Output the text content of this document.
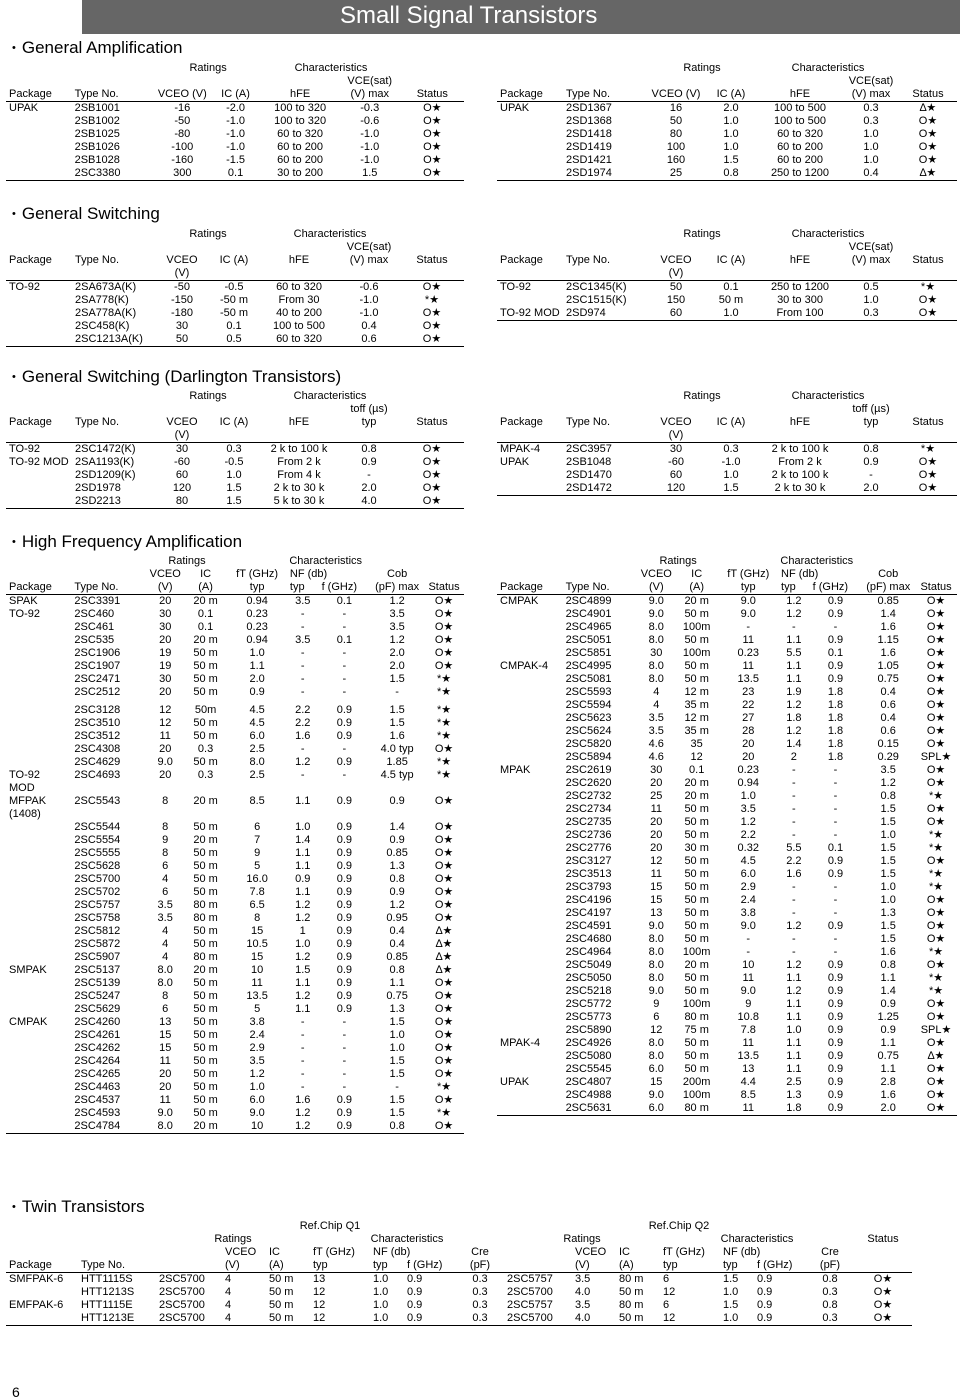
Small Signal Transistors
• General Amplification
• General Switching
• General Switching (Darlington Transistors)
• High Frequency Amplification
• Twin Transistors
		Ratings		Characteristics		
					VCE(sat)	
Package	Type No.	VCEO (V)	IC (A)	hFE	(V) max	Status
UPAK	2SB1001	-16	-2.0	100 to 320	-0.3	O★
	2SB1002	-50	-1.0	100 to 320	-0.6	O★
	2SB1025	-80	-1.0	60 to 320	-1.0	O★
	2SB1026	-100	-1.0	60 to 200	-1.0	O★
	2SB1028	-160	-1.5	60 to 200	-1.0	O★
	2SC3380	300	0.1	30 to 200	1.5	O★
		Ratings		Characteristics		
					VCE(sat)	
Package	Type No.	VCEO (V)	IC (A)	hFE	(V) max	Status
UPAK	2SD1367	16	2.0	100 to 500	0.3	∆★
	2SD1368	50	1.0	100 to 500	0.3	O★
	2SD1418	80	1.0	60 to 320	1.0	O★
	2SD1419	100	1.0	60 to 200	1.0	O★
	2SD1421	160	1.5	60 to 200	1.0	O★
	2SD1974	25	0.8	250 to 1200	0.4	∆★
		Ratings		Characteristics		
					VCE(sat)	
Package	Type No.	VCEO	IC (A)	hFE	(V) max	Status
		(V)				
TO-92	2SA673A(K)	-50	-0.5	60 to 320	-0.6	O★
	2SA778(K)	-150	-50 m	From 30	-1.0	*★
	2SA778A(K)	-180	-50 m	40 to 200	-1.0	O★
	2SC458(K)	30	0.1	100 to 500	0.4	O★
	2SC1213A(K)	50	0.5	60 to 320	0.6	O★
		Ratings		Characteristics		
					VCE(sat)	
Package	Type No.	VCEO	IC (A)	hFE	(V) max	Status
		(V)				
TO-92	2SC1345(K)	50	0.1	250 to 1200	0.5	*★
	2SC1515(K)	150	50 m	30 to 300	1.0	O★
TO-92 MOD	2SD974	60	1.0	From 100	0.3	O★
		Ratings		Characteristics		
					toff (µs)	
Package	Type No.	VCEO	IC (A)	hFE	typ	Status
		(V)				
TO-92	2SC1472(K)	30	0.3	2 k to 100 k	0.8	O★
TO-92 MOD	2SA1193(K)	-60	-0.5	From 2 k	0.9	O★
	2SD1209(K)	60	1.0	From 4 k	-	O★
	2SD1978	120	1.5	2 k to 30 k	2.0	O★
	2SD2213	80	1.5	5 k to 30 k	4.0	O★
		Ratings		Characteristics		
					toff (µs)	
Package	Type No.	VCEO	IC (A)	hFE	typ	Status
		(V)				
MPAK-4	2SC3957	30	0.3	2 k to 100 k	0.8	*★
UPAK	2SB1048	-60	-1.0	From 2 k	0.9	O★
	2SD1470	60	1.0	2 k to 100 k	-	O★
	2SD1472	120	1.5	2 k to 30 k	2.0	O★
		Ratings		Characteristics				
		VCEO	IC	fT (GHz)	NF (db)		Cob	
Package	Type No.	(V)	(A)	typ	typ	f (GHz)	(pF) max	Status
SPAK	2SC3391	20	20 m	0.94	3.5	0.1	1.2	O★
TO-92	2SC460	30	0.1	0.23	-	-	3.5	O★
	2SC461	30	0.1	0.23	-	-	3.5	O★
	2SC535	20	20 m	0.94	3.5	0.1	1.2	O★
	2SC1906	19	50 m	1.0	-	-	2.0	O★
	2SC1907	19	50 m	1.1	-	-	2.0	O★
	2SC2471	30	50 m	2.0	-	-	1.5	*★
	2SC2512	20	50 m	0.9	-	-	-	*★
	2SC3128	12	50m	4.5	2.2	0.9	1.5	*★
	2SC3510	12	50 m	4.5	2.2	0.9	1.5	*★
	2SC3512	11	50 m	6.0	1.6	0.9	1.6	*★
	2SC4308	20	0.3	2.5	-	-	4.0 typ	O★
	2SC4629	9.0	50 m	8.0	1.2	0.9	1.85	*★
TO-92 MOD	2SC4693	20	0.3	2.5	-	-	4.5 typ	*★
MFPAK (1408)	2SC5543	8	20 m	8.5	1.1	0.9	0.9	O★
	2SC5544	8	50 m	6	1.0	0.9	1.4	O★
	2SC5554	9	20 m	7	1.4	0.9	0.9	O★
	2SC5555	8	50 m	9	1.1	0.9	0.85	O★
	2SC5628	6	50 m	5	1.1	0.9	1.3	O★
	2SC5700	4	50 m	16.0	0.9	0.9	0.8	O★
	2SC5702	6	50 m	7.8	1.1	0.9	0.9	O★
	2SC5757	3.5	80 m	6.5	1.2	0.9	1.2	O★
	2SC5758	3.5	80 m	8	1.2	0.9	0.95	O★
	2SC5812	4	50 m	15	1	0.9	0.4	∆★
	2SC5872	4	50 m	10.5	1.0	0.9	0.4	∆★
	2SC5907	4	80 m	15	1.2	0.9	0.85	∆★
SMPAK	2SC5137	8.0	20 m	10	1.5	0.9	0.8	∆★
	2SC5139	8.0	50 m	11	1.1	0.9	1.1	O★
	2SC5247	8	50 m	13.5	1.2	0.9	0.75	O★
	2SC5629	6	50 m	5	1.1	0.9	1.3	O★
CMPAK	2SC4260	13	50 m	3.8	-	-	1.5	O★
	2SC4261	15	50 m	2.4	-	-	1.0	O★
	2SC4262	15	50 m	2.9	-	-	1.0	O★
	2SC4264	11	50 m	3.5	-	-	1.5	O★
	2SC4265	20	50 m	1.2	-	-	1.5	O★
	2SC4463	20	50 m	1.0	-	-	-	*★
	2SC4537	11	50 m	6.0	1.6	0.9	1.5	O★
	2SC4593	9.0	50 m	9.0	1.2	0.9	1.5	*★
	2SC4784	8.0	20 m	10	1.2	0.9	0.8	O★
		Ratings		Characteristics				
		VCEO	IC	fT (GHz)	NF (db)		Cob	
Package	Type No.	(V)	(A)	typ	typ	f (GHz)	(pF) max	Status
CMPAK	2SC4899	9.0	20 m	9.0	1.2	0.9	0.85	O★
	2SC4901	9.0	50 m	9.0	1.2	0.9	1.4	O★
	2SC4965	8.0	100m	-	-	-	1.6	O★
	2SC5051	8.0	50 m	11	1.1	0.9	1.15	O★
	2SC5851	30	100m	0.23	5.5	0.1	1.6	O★
CMPAK-4	2SC4995	8.0	50 m	11	1.1	0.9	1.05	O★
	2SC5081	8.0	50 m	13.5	1.1	0.9	0.75	O★
	2SC5593	4	12 m	23	1.9	1.8	0.4	O★
	2SC5594	4	35 m	22	1.2	1.8	0.6	O★
	2SC5623	3.5	12 m	27	1.8	1.8	0.4	O★
	2SC5624	3.5	35 m	28	1.2	1.8	0.6	O★
	2SC5820	4.6	35	20	1.4	1.8	0.15	O★
	2SC5894	4.6	12	20	2	1.8	0.29	SPL★
MPAK	2SC2619	30	0.1	0.23	-	-	3.5	O★
	2SC2620	20	20 m	0.94	-	-	1.2	O★
	2SC2732	25	20 m	1.0	-	-	0.8	*★
	2SC2734	11	50 m	3.5	-	-	1.5	O★
	2SC2735	20	50 m	1.2	-	-	1.5	O★
	2SC2736	20	50 m	2.2	-	-	1.0	*★
	2SC2776	20	30 m	0.32	5.5	0.1	1.5	*★
	2SC3127	12	50 m	4.5	2.2	0.9	1.5	O★
	2SC3513	11	50 m	6.0	1.6	0.9	1.5	*★
	2SC3793	15	50 m	2.9	-	-	1.0	*★
	2SC4196	15	50 m	2.4	-	-	1.0	O★
	2SC4197	13	50 m	3.8	-	-	1.3	O★
	2SC4591	9.0	50 m	9.0	1.2	0.9	1.5	O★
	2SC4680	8.0	50 m	-	-	-	1.5	O★
	2SC4964	8.0	100m	-	-	-	1.6	*★
	2SC5049	8.0	20 m	10	1.2	0.9	0.8	O★
	2SC5050	8.0	50 m	11	1.1	0.9	1.1	*★
	2SC5218	9.0	50 m	9.0	1.2	0.9	1.4	*★
	2SC5772	9	100m	9	1.1	0.9	0.9	O★
	2SC5773	6	80 m	10.8	1.1	0.9	1.25	O★
	2SC5890	12	75 m	7.8	1.0	0.9	0.9	SPL★
MPAK-4	2SC4926	8.0	50 m	11	1.1	0.9	1.1	O★
	2SC5080	8.0	50 m	13.5	1.1	0.9	0.75	∆★
	2SC5545	6.0	50 m	13	1.1	0.9	1.1	O★
UPAK	2SC4807	15	200m	4.4	2.5	0.9	2.8	O★
	2SC4988	9.0	100m	8.5	1.3	0.9	1.6	O★
	2SC5631	6.0	80 m	11	1.8	0.9	2.0	O★
		Ref.Chip Q1							Ref.Chip Q2							
		Ratings			Characteristics				Ratings			Characteristics				Status
			VCEO	IC	fT (GHz)	NF (db)		Cre		VCEO	IC	fT (GHz)	NF (db)		Cre	
Package	Type No.		(V)	(A)	typ	typ	f (GHz)	(pF)		(V)	(A)	typ	typ	f (GHz)	(pF)	
SMFPAK-6	HTT1115S	2SC5700	4	50 m	13	1.0	0.9	0.3	2SC5757	3.5	80 m	6	1.5	0.9	0.8	O★
	HTT1213S	2SC5700	4	50 m	12	1.0	0.9	0.3	2SC5700	4.0	50 m	12	1.0	0.9	0.3	O★
EMFPAK-6	HTT1115E	2SC5700	4	50 m	12	1.0	0.9	0.3	2SC5757	3.5	80 m	6	1.5	0.9	0.8	O★
	HTT1213E	2SC5700	4	50 m	12	1.0	0.9	0.3	2SC5700	4.0	50 m	12	1.0	0.9	0.3	O★
6
